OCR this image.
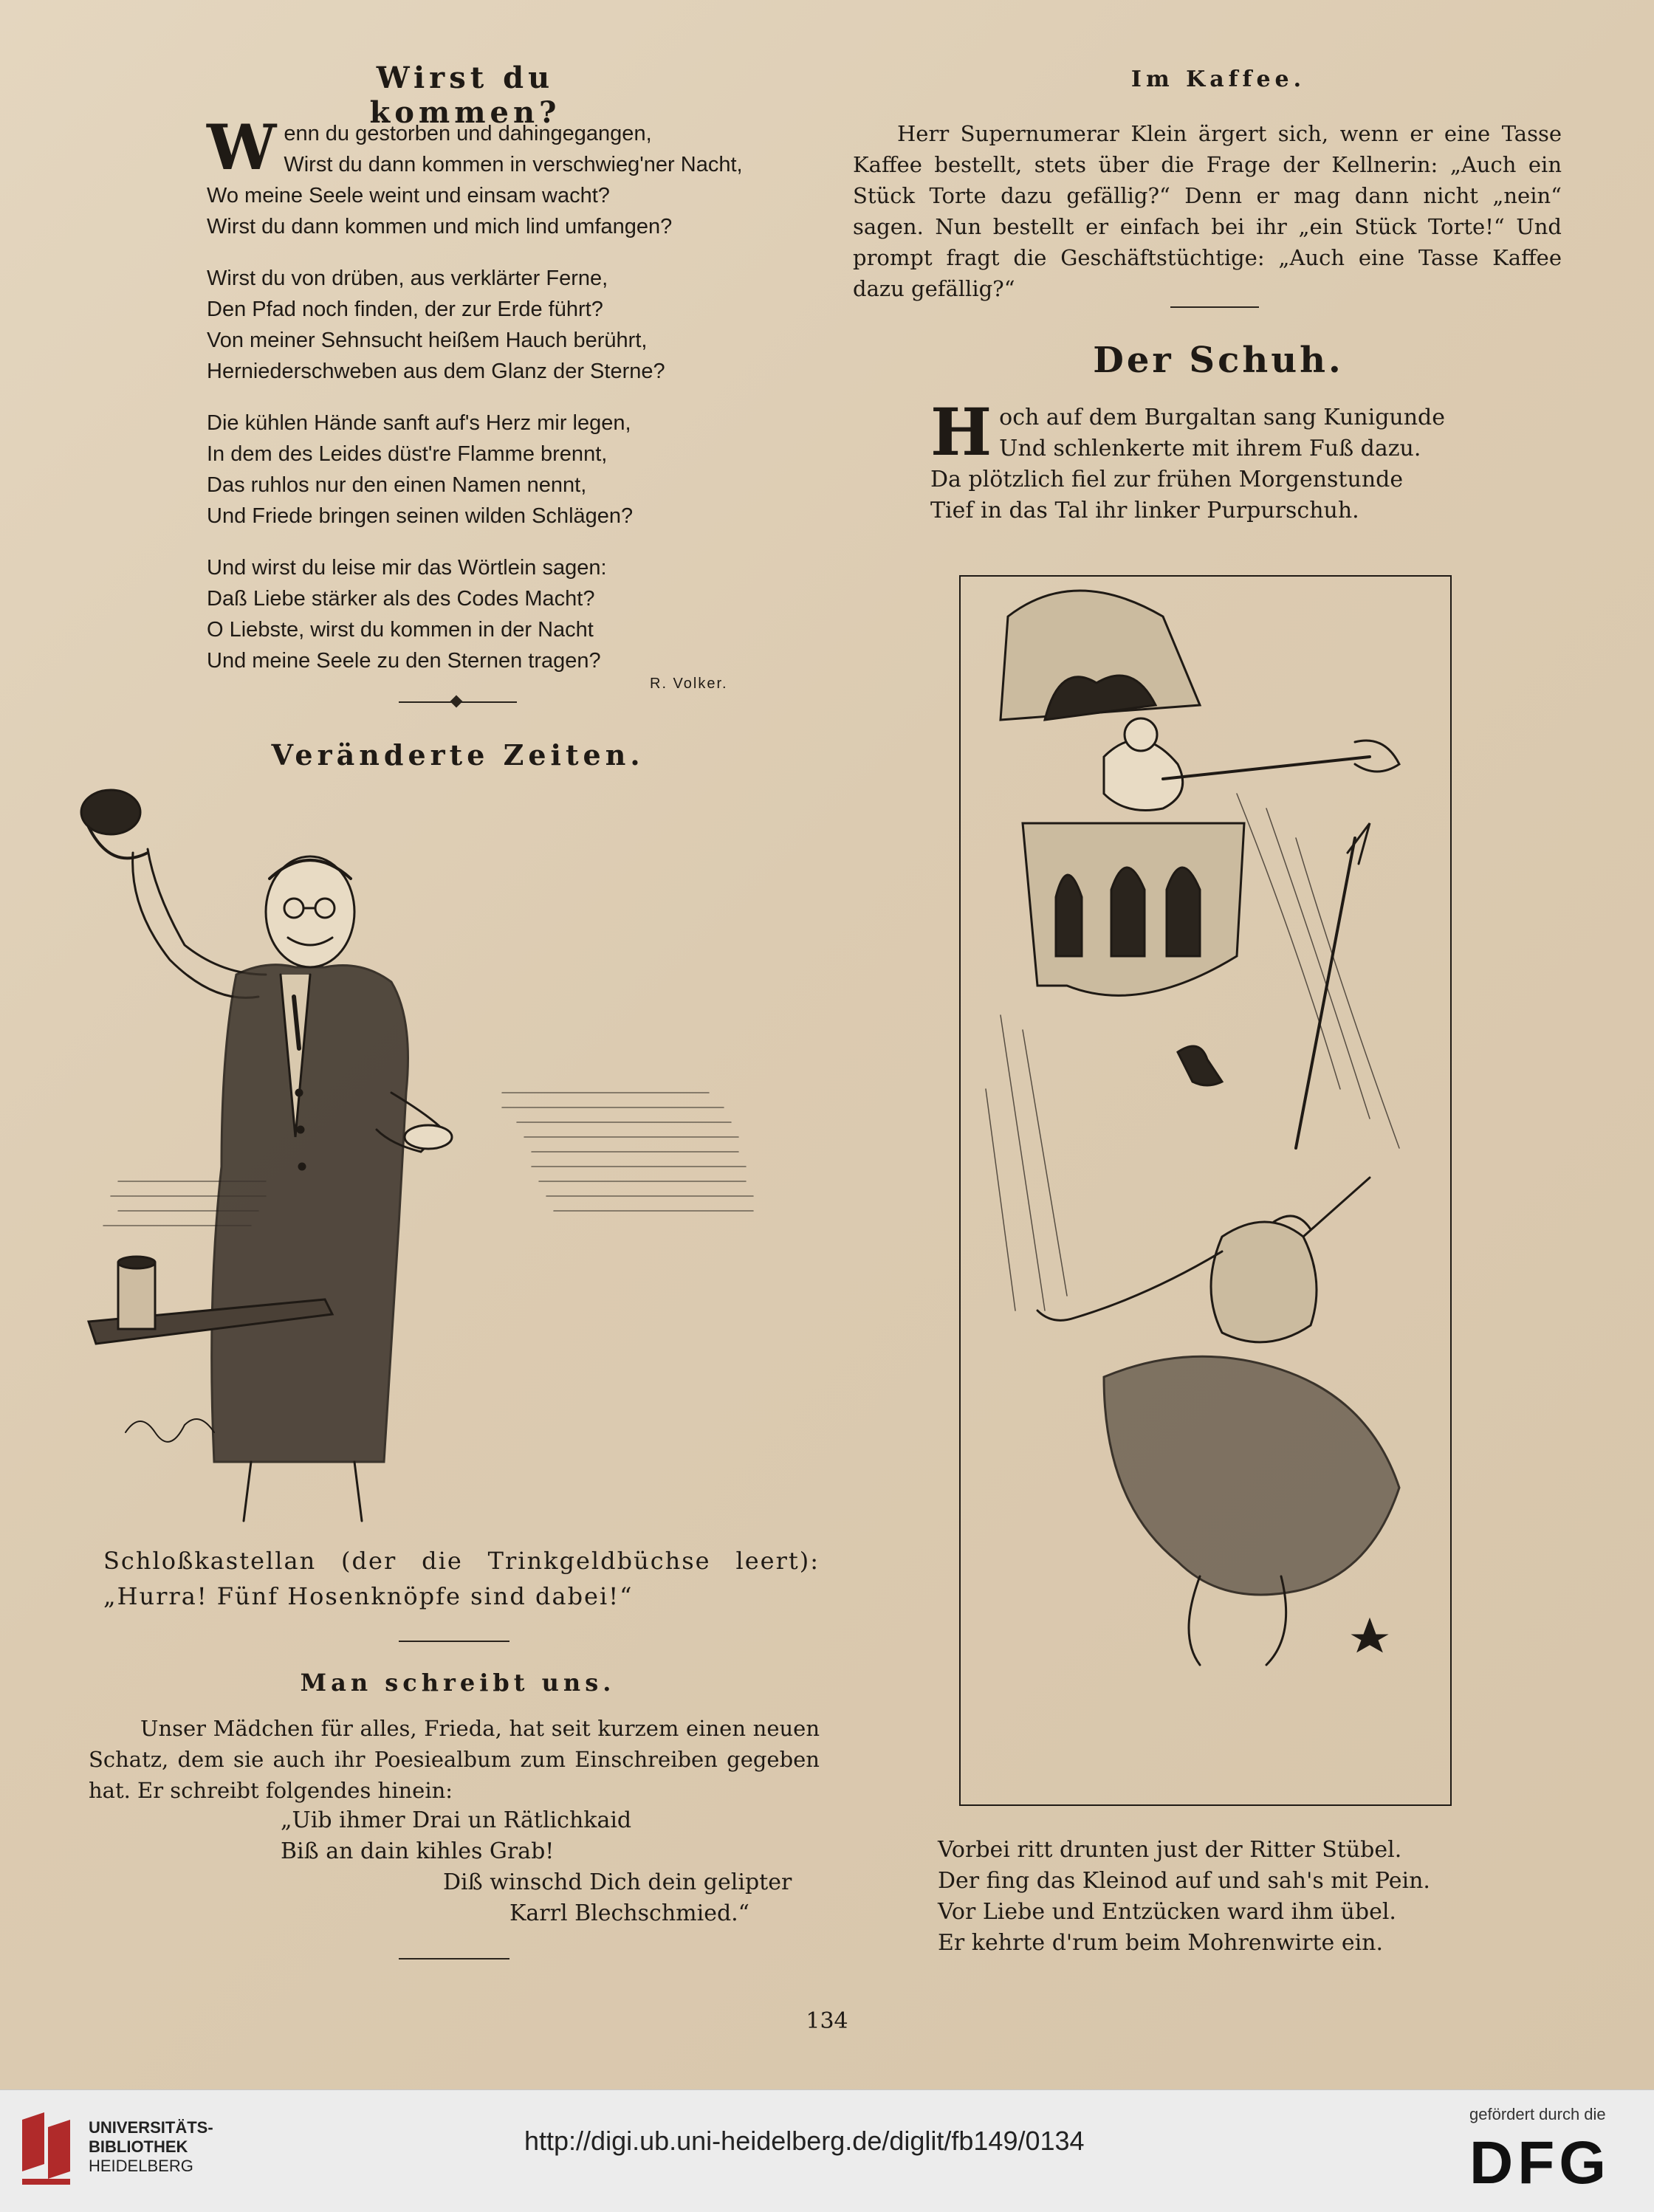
Wirst du kommen?
W enn du gestorben und dahingegangen,
Wirst du dann kommen in verschwieg'ner Nacht,
Wo meine Seele weint und einsam wacht?
Wirst du dann kommen und mich lind umfangen?
Wirst du von drüben, aus verklärter Ferne,
Den Pfad noch finden, der zur Erde führt?
Von meiner Sehnsucht heißem Hauch berührt,
Herniederschweben aus dem Glanz der Sterne?
Die kühlen Hände sanft auf's Herz mir legen,
In dem des Leides düst're Flamme brennt,
Das ruhlos nur den einen Namen nennt,
Und Friede bringen seinen wilden Schlägen?
Und wirst du leise mir das Wörtlein sagen:
Daß Liebe stärker als des Codes Macht?
O Liebste, wirst du kommen in der Nacht
Und meine Seele zu den Sternen tragen?
R. Volker.
Veränderte Zeiten.
Schloßkastellan (der die Trinkgeldbüchse leert): „Hurra! Fünf Hosenknöpfe sind dabei!“
Man schreibt uns.
Unser Mädchen für alles, Frieda, hat seit kurzem einen neuen Schatz, dem sie auch ihr Poesiealbum zum Einschreiben gegeben hat. Er schreibt folgendes hinein:
„Uib ihmer Drai un Rätlichkaid
Biß an dain kihles Grab!
Diß winschd Dich dein gelipter
Karrl Blechschmied.“
Im Kaffee.
Herr Supernumerar Klein ärgert sich, wenn er eine Tasse Kaffee bestellt, stets über die Frage der Kellnerin: „Auch ein Stück Torte dazu gefällig?“ Denn er mag dann nicht „nein“ sagen. Nun bestellt er einfach bei ihr „ein Stück Torte!“ Und prompt fragt die Geschäftstüchtige: „Auch eine Tasse Kaffee dazu gefällig?“
Der Schuh.
H och auf dem Burgaltan sang Kunigunde
Und schlenkerte mit ihrem Fuß dazu.
Da plötzlich fiel zur frühen Morgenstunde
Tief in das Tal ihr linker Purpurschuh.
Vorbei ritt drunten just der Ritter Stübel.
Der fing das Kleinod auf und sah's mit Pein.
Vor Liebe und Entzücken ward ihm übel.
Er kehrte d'rum beim Mohrenwirte ein.
134
UNIVERSITÄTS-
BIBLIOTHEK
HEIDELBERG
http://digi.ub.uni-heidelberg.de/diglit/fb149/0134
gefördert durch die
DFG
